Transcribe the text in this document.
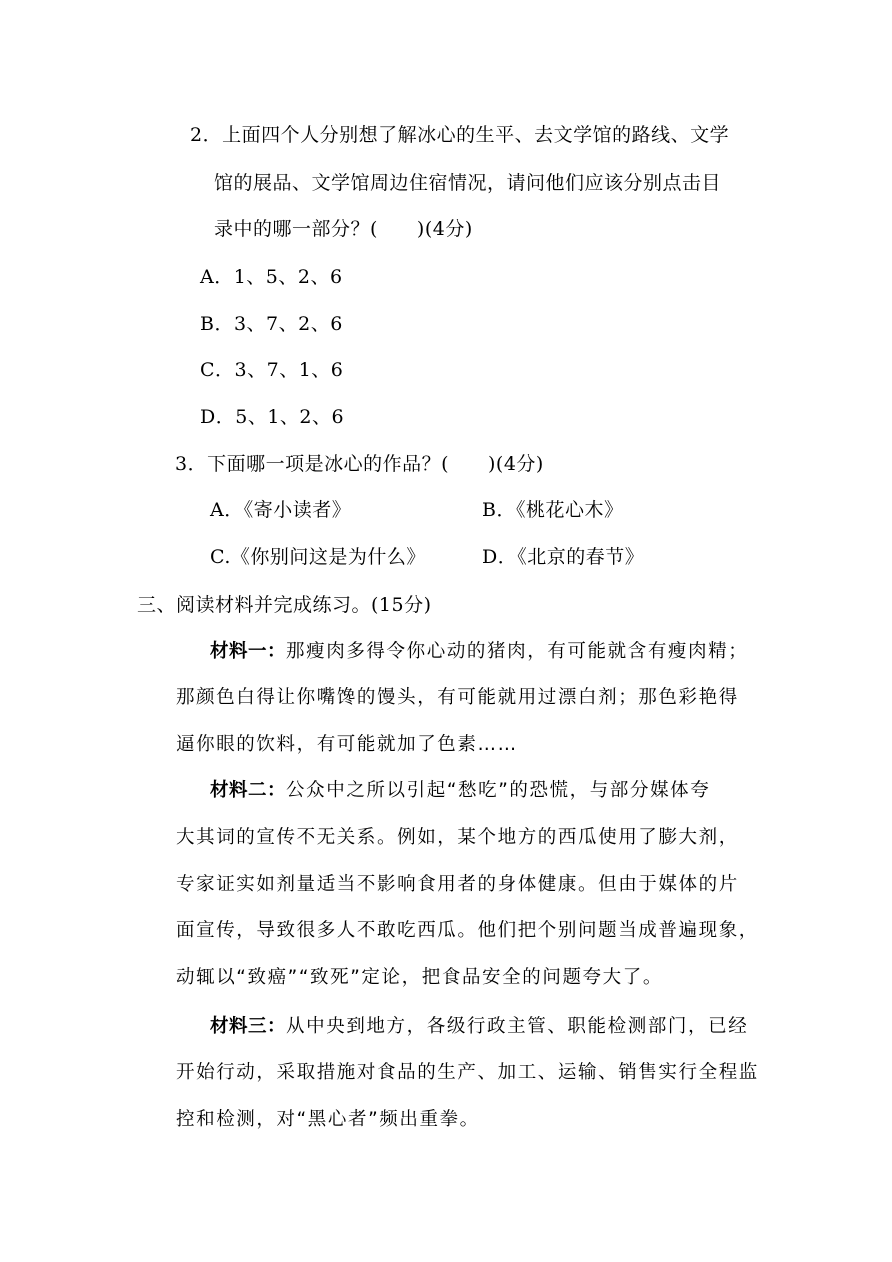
2．上面四个人分别想了解冰心的生平、去文学馆的路线、文学
馆的展品、文学馆周边住宿情况，请问他们应该分别点击目
录中的哪一部分？(　　)(4分)
A．1、5、2、6
B．3、7、2、6
C．3、7、1、6
D．5、1、2、6
3．下面哪一项是冰心的作品？(　　)(4分)
A．《寄小读者》	B．《桃花心木》
C.《你别问这是为什么》	D．《北京的春节》
三、阅读材料并完成练习。(15分)
材料一：那瘦肉多得令你心动的猪肉，有可能就含有瘦肉精；
那颜色白得让你嘴馋的馒头，有可能就用过漂白剂；那色彩艳得
逼你眼的饮料，有可能就加了色素……
材料二：公众中之所以引起“愁吃”的恐慌，与部分媒体夸
大其词的宣传不无关系。例如，某个地方的西瓜使用了膨大剂，
专家证实如剂量适当不影响食用者的身体健康。但由于媒体的片
面宣传，导致很多人不敢吃西瓜。他们把个别问题当成普遍现象，
动辄以“致癌”“致死”定论，把食品安全的问题夸大了。
材料三：从中央到地方，各级行政主管、职能检测部门，已经
开始行动，采取措施对食品的生产、加工、运输、销售实行全程监
控和检测，对“黑心者”频出重拳。
